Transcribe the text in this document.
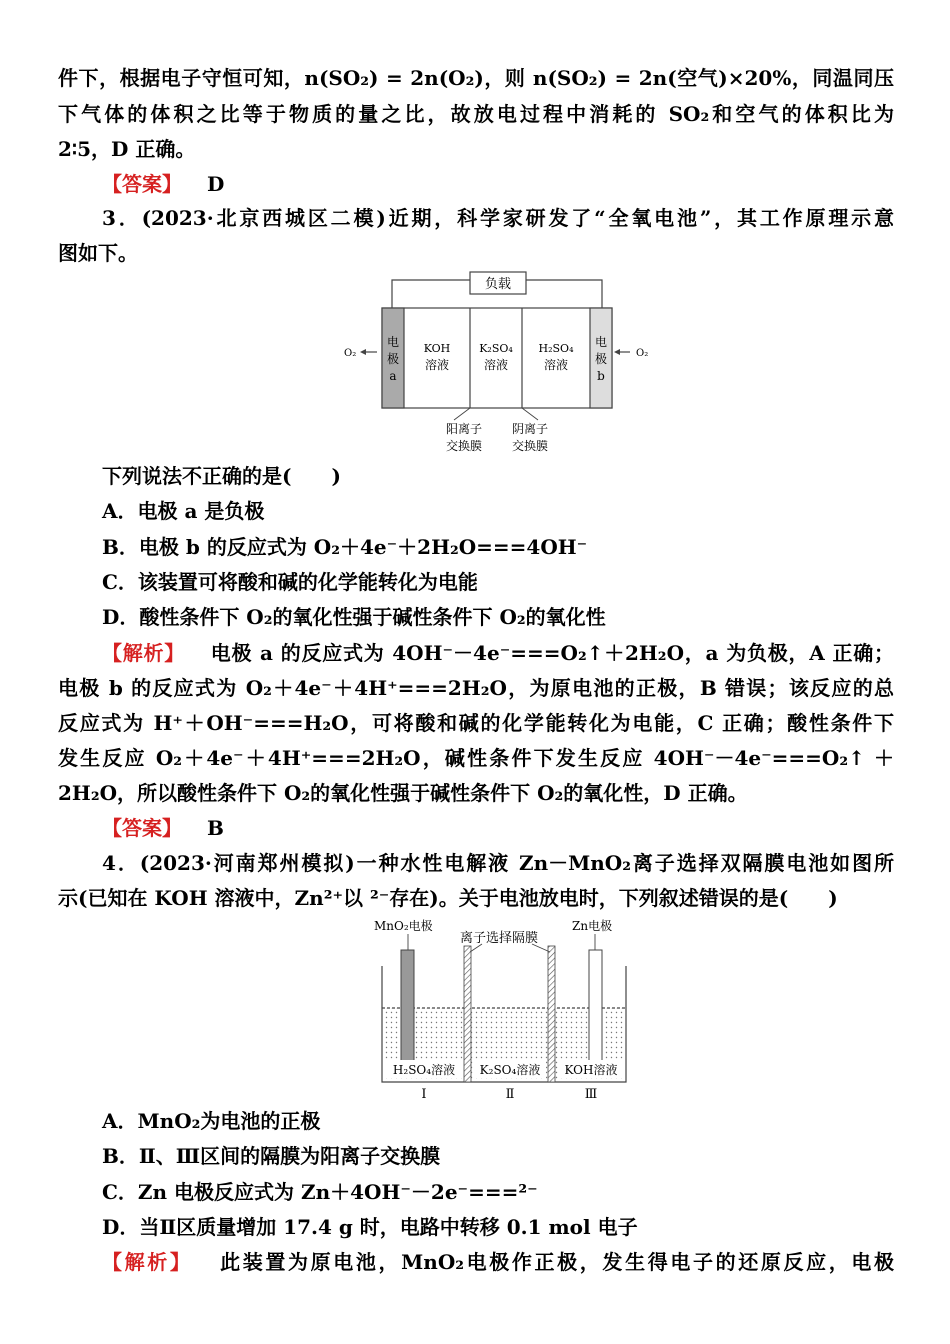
件下，根据电子守恒可知，n(SO₂) = 2n(O₂)，则 n(SO₂) = 2n(空气)×20%，同温同压
下气体的体积之比等于物质的量之比，故放电过程中消耗的 SO₂和空气的体积比为
2∶5，D 正确。
【答案】 D
3．(2023·北京西城区二模)近期，科学家研发了“全氧电池”，其工作原理示意
图如下。
负载
O₂	O₂
电
极
a
电
极
b
KOH
溶液
K₂SO₄
溶液
H₂SO₄
溶液
阳离子
交换膜
阴离子
交换膜
下列说法不正确的是(　　)
A．电极 a 是负极
B．电极 b 的反应式为 O₂＋4e⁻＋2H₂O===4OH⁻
C．该装置可将酸和碱的化学能转化为电能
D．酸性条件下 O₂的氧化性强于碱性条件下 O₂的氧化性
【解析】 电极 a 的反应式为 4OH⁻－4e⁻===O₂↑＋2H₂O，a 为负极，A 正确；
电极 b 的反应式为 O₂＋4e⁻＋4H⁺===2H₂O，为原电池的正极，B 错误；该反应的总
反应式为 H⁺＋OH⁻===H₂O，可将酸和碱的化学能转化为电能，C 正确；酸性条件下
发生反应 O₂＋4e⁻＋4H⁺===2H₂O，碱性条件下发生反应 4OH⁻－4e⁻===O₂↑ ＋
2H₂O，所以酸性条件下 O₂的氧化性强于碱性条件下 O₂的氧化性，D 正确。
【答案】 B
4．(2023·河南郑州模拟)一种水性电解液 Zn－MnO₂离子选择双隔膜电池如图所
示(已知在 KOH 溶液中，Zn²⁺以 ²⁻存在)。关于电池放电时，下列叙述错误的是(　　)
MnO₂电极
离子选择隔膜
Zn电极
H₂SO₄溶液 K₂SO₄溶液 KOH溶液
Ⅰ	Ⅱ	Ⅲ
A．MnO₂为电池的正极
B．Ⅱ、Ⅲ区间的隔膜为阳离子交换膜
C．Zn 电极反应式为 Zn＋4OH⁻－2e⁻===²⁻
D．当Ⅱ区质量增加 17.4 g 时，电路中转移 0.1 mol 电子
【解析】 此装置为原电池，MnO₂电极作正极，发生得电子的还原反应，电极
